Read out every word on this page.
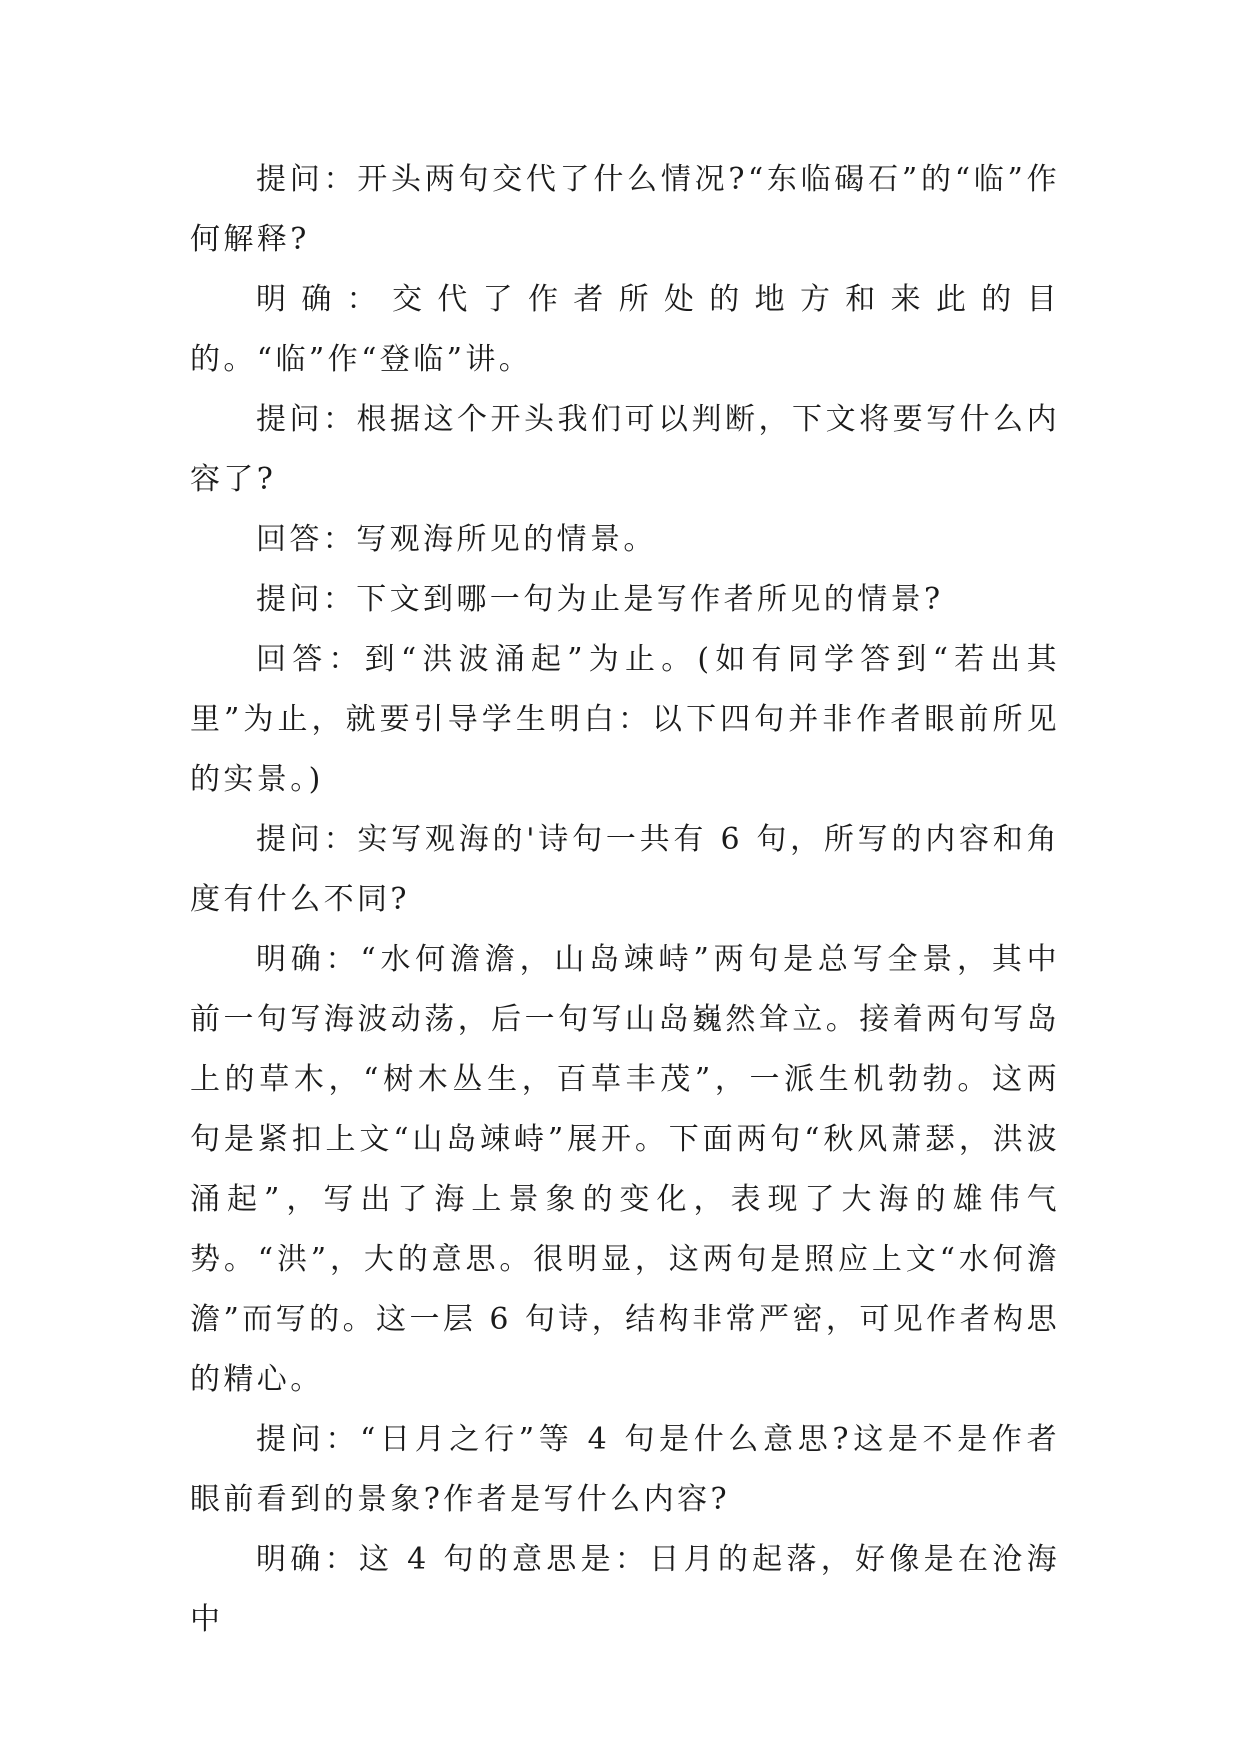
提问：开头两句交代了什么情况?“东临碣石”的“临”作何解释?

明确：交代了作者所处的地方和来此的目的。“临”作“登临”讲。

提问：根据这个开头我们可以判断，下文将要写什么内容了?

回答：写观海所见的情景。

提问：下文到哪一句为止是写作者所见的情景?

回答：到“洪波涌起”为止。(如有同学答到“若出其里”为止，就要引导学生明白：以下四句并非作者眼前所见的实景。)

提问：实写观海的'诗句一共有 6 句，所写的内容和角度有什么不同?

明确：“水何澹澹，山岛竦峙”两句是总写全景，其中前一句写海波动荡，后一句写山岛巍然耸立。接着两句写岛上的草木，“树木丛生，百草丰茂”，一派生机勃勃。这两句是紧扣上文“山岛竦峙”展开。下面两句“秋风萧瑟，洪波涌起”，写出了海上景象的变化，表现了大海的雄伟气势。“洪”，大的意思。很明显，这两句是照应上文“水何澹澹”而写的。这一层 6 句诗，结构非常严密，可见作者构思的精心。

提问：“日月之行”等 4 句是什么意思?这是不是作者眼前看到的景象?作者是写什么内容?

明确：这 4 句的意思是：日月的起落，好像是在沧海中
